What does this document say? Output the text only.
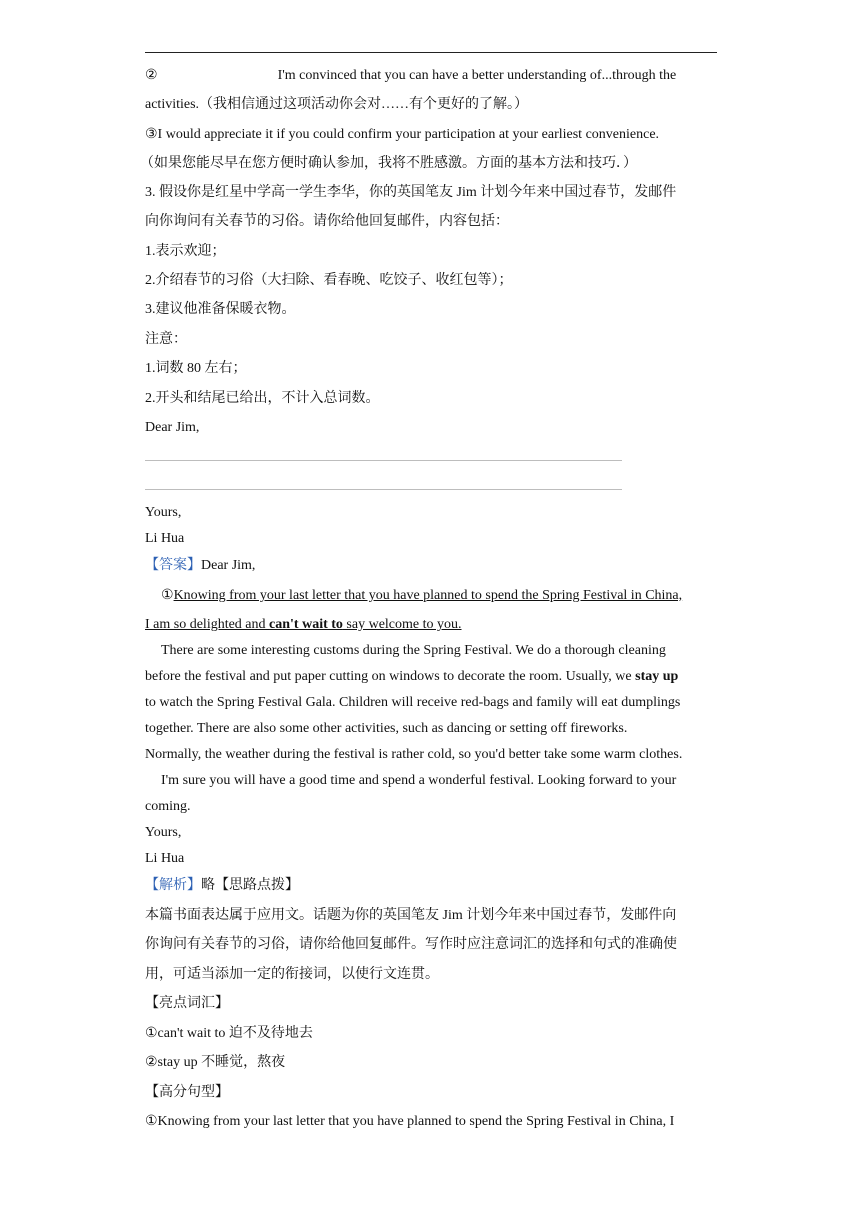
②	I'm convinced that you can have a better understanding of...through the
activities.（我相信通过这项活动你会对……有个更好的了解。）
③I would appreciate it if you could confirm your participation at your earliest convenience.
（如果您能尽早在您方便时确认参加，我将不胜感激。方面的基本方法和技巧．）
3. 假设你是红星中学高一学生李华，你的英国笔友 Jim 计划今年来中国过春节，发邮件
向你询问有关春节的习俗。请你给他回复邮件，内容包括：
1.表示欢迎；
2.介绍春节的习俗（大扫除、看春晚、吃饺子、收红包等）；
3.建议他准备保暖衣物。
注意：
1.词数 80 左右；
2.开头和结尾已给出，不计入总词数。
Dear Jim,
Yours,
Li Hua
【答案】Dear Jim,
①Knowing from your last letter that you have planned to spend the Spring Festival in China,
I am so delighted and can't wait to say welcome to you.
There are some interesting customs during the Spring Festival. We do a thorough cleaning
before the festival and put paper cutting on windows to decorate the room. Usually, we stay up
to watch the Spring Festival Gala. Children will receive red-bags and family will eat dumplings
together. There are also some other activities, such as dancing or setting off fireworks.
Normally, the weather during the festival is rather cold, so you'd better take some warm clothes.
I'm sure you will have a good time and spend a wonderful festival. Looking forward to your
coming.
Yours,
Li Hua
【解析】略【思路点拨】
本篇书面表达属于应用文。话题为你的英国笔友 Jim 计划今年来中国过春节，发邮件向
你询问有关春节的习俗，请你给他回复邮件。写作时应注意词汇的选择和句式的准确使
用，可适当添加一定的衔接词，以使行文连贯。
【亮点词汇】
①can't wait to 迫不及待地去
②stay up 不睡觉，熬夜
【高分句型】
①Knowing from your last letter that you have planned to spend the Spring Festival in China, I
